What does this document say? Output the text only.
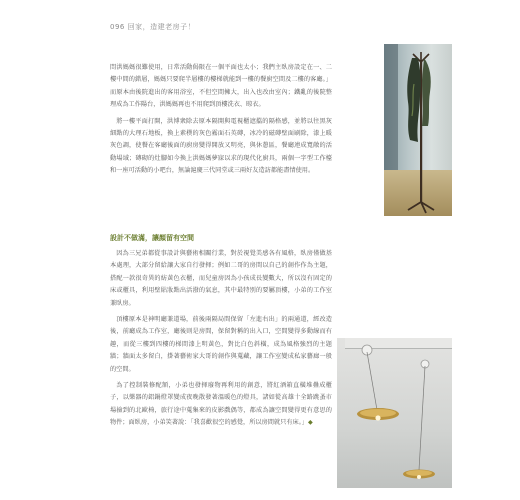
096 回家，造建老房子！

問洪媽媽很難使用，日常活動侷限在一個平面也太小；我們主臥房設定在一、二樓中間的錯層，媽媽只要爬半層樓的樓梯就能到一樓的餐廚空間及二樓的客廳。」而原本由後院進出的客用浴室，不但空間擁大，出入也改由室內；鐵亂的後院整理成為工作陽台，洪媽媽再也不用爬到頂樓洗衣、晾衣。

將一樓平面打開，洪博衆除去原本隔開與電視櫃遮擋的隔格感，並將以往黑灰細點的大理石地板，換上素樸的灰色霧面石英磚，冰冷的磁磚壁面刷除，漆上暖灰色調，使餐在客廳後面的廚房變得開放又明亮，與休憩區，餐廳連成寬敞的活動場域；磚砌的灶腳如今換上洪媽媽夢寐以求的現代化廚具，兩個一字型工作檯和一座可活動的小吧台，無論滬慶三代同堂或三兩好友造訪都能盡情使用。

設計不做滿，讓顏留有空間

因為三兄弟都從事設計與藝術相關行業，對於視覺美感各有風格，臥房僅做基本處理，大部分留給讓大家自行發揮；例如二哥的房間以自己的創作作為主題，搭配一款很奇異的紡黃色衣櫃，而兒童房因為小孩成長變數大，所以沒有固定的床或櫃具，利用壁貼妝點出活潑的氣息，其中最特別的要屬頂樓，小弟的工作室兼臥房。

頂樓原本是神明廳兼道場，前後兩隔局間保留「左進右出」的兩通道，經改造後，前廳成為工作室，廳後則是房間，保留對稱的出入口，空間變得多動線而有趣，而從三樓到四樓的梯間漆上明黃色，對比白色斜橫，成為風格強烈的主題牆；牆面太多留白，掛著藝術家大哥的創作與蒐藏，讓工作室變成私家藝廊一般的空間。

為了控制裝修配額，小弟也發揮廢物再利用的創意，將紅酒箱直橫堆疊成櫃子，以樂器的鋁鍋燈罩變成夜晚散發著溫暖色的燈具，諸如從高雄十全路跳蚤市場撿到的北歐椅，旅行途中蒐集來的皮影戲偶等，都成為讓空間變得更有意思的物件；面臥房，小弟笑著說：「我喜歡很空的感覺，所以房間就只有床。」◆
